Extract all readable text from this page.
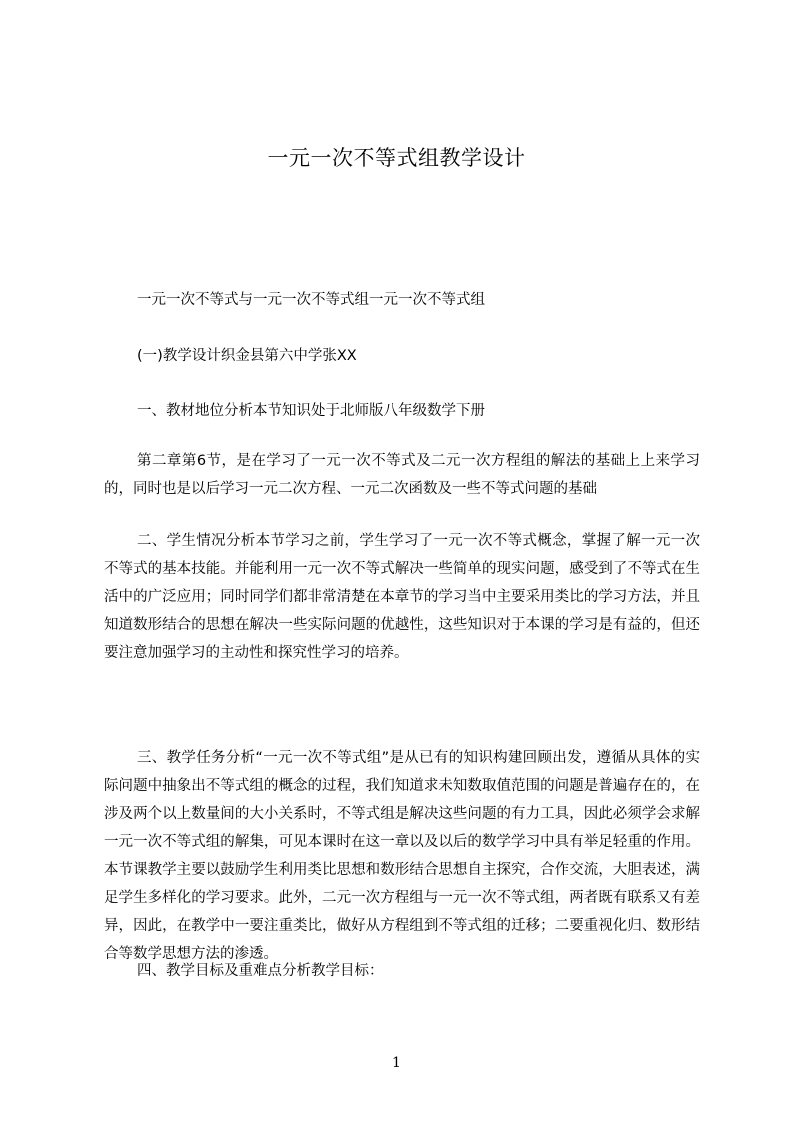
一元一次不等式组教学设计

一元一次不等式与一元一次不等式组一元一次不等式组

(一)教学设计织金县第六中学张XX

一、教材地位分析本节知识处于北师版八年级数学下册

第二章第6节，是在学习了一元一次不等式及二元一次方程组的解法的基础上上来学习的，同时也是以后学习一元二次方程、一元二次函数及一些不等式问题的基础

二、学生情况分析本节学习之前，学生学习了一元一次不等式概念，掌握了解一元一次不等式的基本技能。并能利用一元一次不等式解决一些简单的现实问题，感受到了不等式在生活中的广泛应用；同时同学们都非常清楚在本章节的学习当中主要采用类比的学习方法，并且知道数形结合的思想在解决一些实际问题的优越性，这些知识对于本课的学习是有益的，但还要注意加强学习的主动性和探究性学习的培养。

三、教学任务分析“一元一次不等式组”是从已有的知识构建回顾出发，遵循从具体的实际问题中抽象出不等式组的概念的过程，我们知道求未知数取值范围的问题是普遍存在的，在涉及两个以上数量间的大小关系时，不等式组是解决这些问题的有力工具，因此必须学会求解一元一次不等式组的解集，可见本课时在这一章以及以后的数学学习中具有举足轻重的作用。本节课教学主要以鼓励学生利用类比思想和数形结合思想自主探究，合作交流，大胆表述，满足学生多样化的学习要求。此外，二元一次方程组与一元一次不等式组，两者既有联系又有差异，因此，在教学中一要注重类比，做好从方程组到不等式组的迁移；二要重视化归、数形结合等数学思想方法的渗透。

四、教学目标及重难点分析教学目标：

1
